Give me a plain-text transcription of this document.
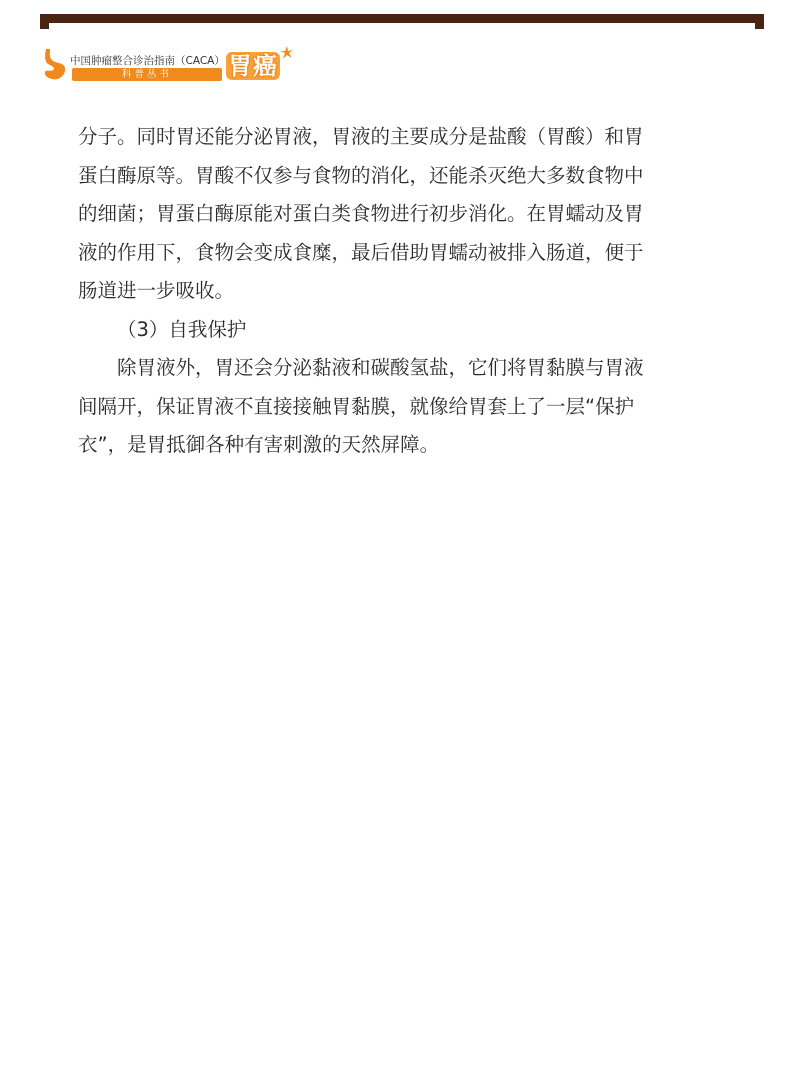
中国肿瘤整合诊治指南（CACA）
科普丛书	胃癌
分子。同时胃还能分泌胃液，胃液的主要成分是盐酸（胃酸）和胃
蛋白酶原等。胃酸不仅参与食物的消化，还能杀灭绝大多数食物中
的细菌；胃蛋白酶原能对蛋白类食物进行初步消化。在胃蠕动及胃
液的作用下，食物会变成食糜，最后借助胃蠕动被排入肠道，便于
肠道进一步吸收。
（3）自我保护
除胃液外，胃还会分泌黏液和碳酸氢盐，它们将胃黏膜与胃液
间隔开，保证胃液不直接接触胃黏膜，就像给胃套上了一层“保护
衣”，是胃抵御各种有害刺激的天然屏障。
